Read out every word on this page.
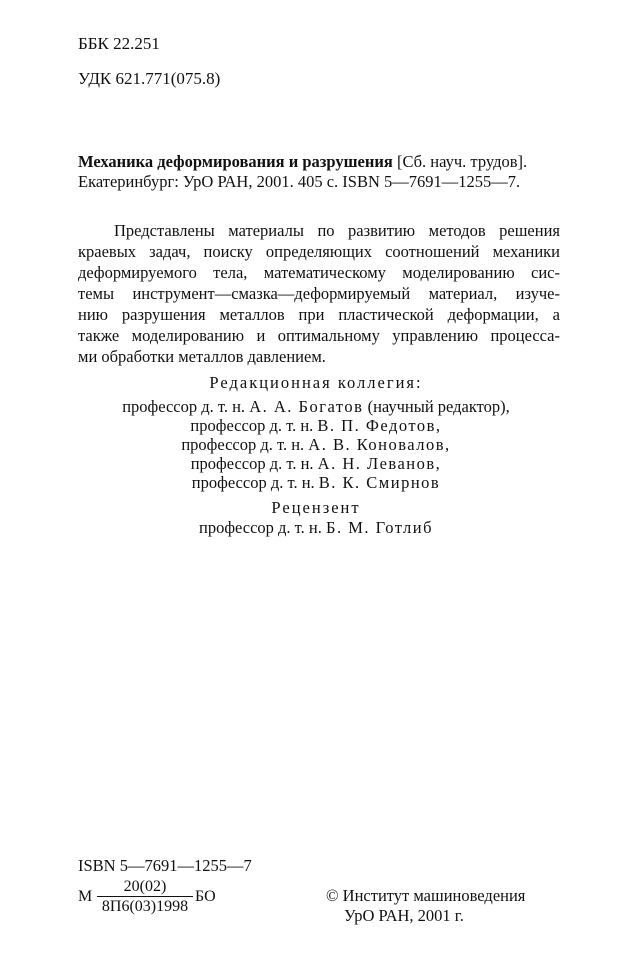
ББК 22.251
УДК 621.771(075.8)
Механика деформирования и разрушения [Сб. науч. трудов].
Екатеринбург: УрО РАН, 2001. 405 с. ISBN 5—7691—1255—7.
Представлены материалы по развитию методов решения
краевых задач, поиску определяющих соотношений механики
деформируемого тела, математическому моделированию сис-
темы инструмент—смазка—деформируемый материал, изуче-
нию разрушения металлов при пластической деформации, а
также моделированию и оптимальному управлению процесса-
ми обработки металлов давлением.
Редакционная коллегия:
профессор д. т. н. А. А. Богатов (научный редактор),
профессор д. т. н. В. П. Федотов,
профессор д. т. н. А. В. Коновалов,
профессор д. т. н. А. Н. Леванов,
профессор д. т. н. В. К. Смирнов
Рецензент
профессор д. т. н. Б. М. Готлиб
ISBN 5—7691—1255—7
М
20(02)
8П6(03)1998
БО	© Институт машиноведения
УрО РАН, 2001 г.
